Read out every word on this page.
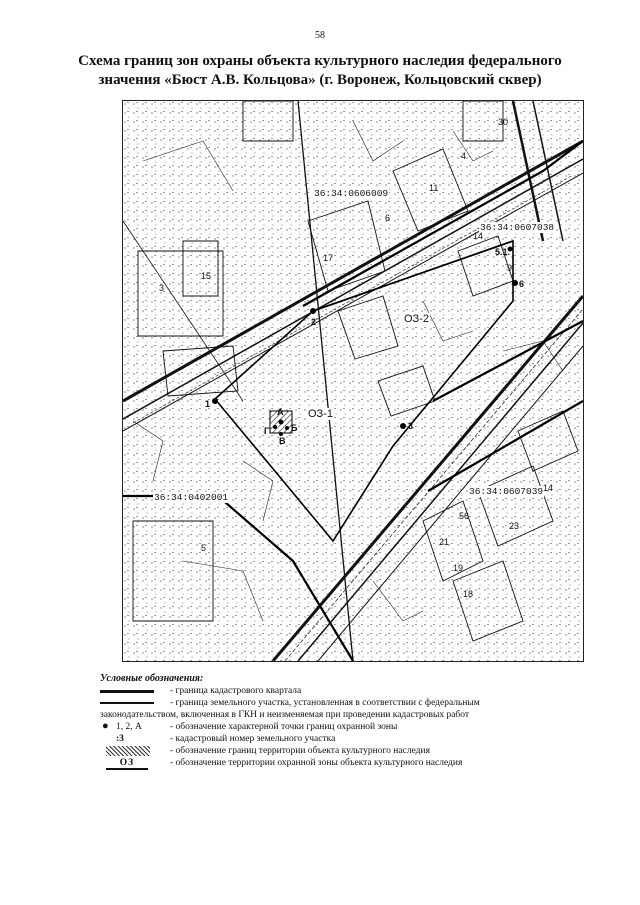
58
Схема границ зон охраны объекта культурного наследия федерального
значения «Бюст А.В. Кольцова» (г. Воронеж, Кольцовский сквер)
36:34:0606009
36:34:0607038
36:34:0402001
36:34:0607039
ОЗ-2
ОЗ-1
1
2
3
5.1.
6
А
Б
Г
В
30
4
11
6
17
15
3
14
9
5
14
56
23
21
18
19
Условные обозначения:
- граница кадастрового квартала
- граница земельного участка, установленная в соответствии с федеральным
законодательством, включенная в ГКН и неизменяемая при проведении кадастровых работ
● 1, 2, А	- обозначение характерной точки границ охранной зоны
:3	- кадастровый номер земельного участка
- обозначение границ территории объекта культурного наследия
ОЗ	- обозначение территории охранной зоны объекта культурного наследия
